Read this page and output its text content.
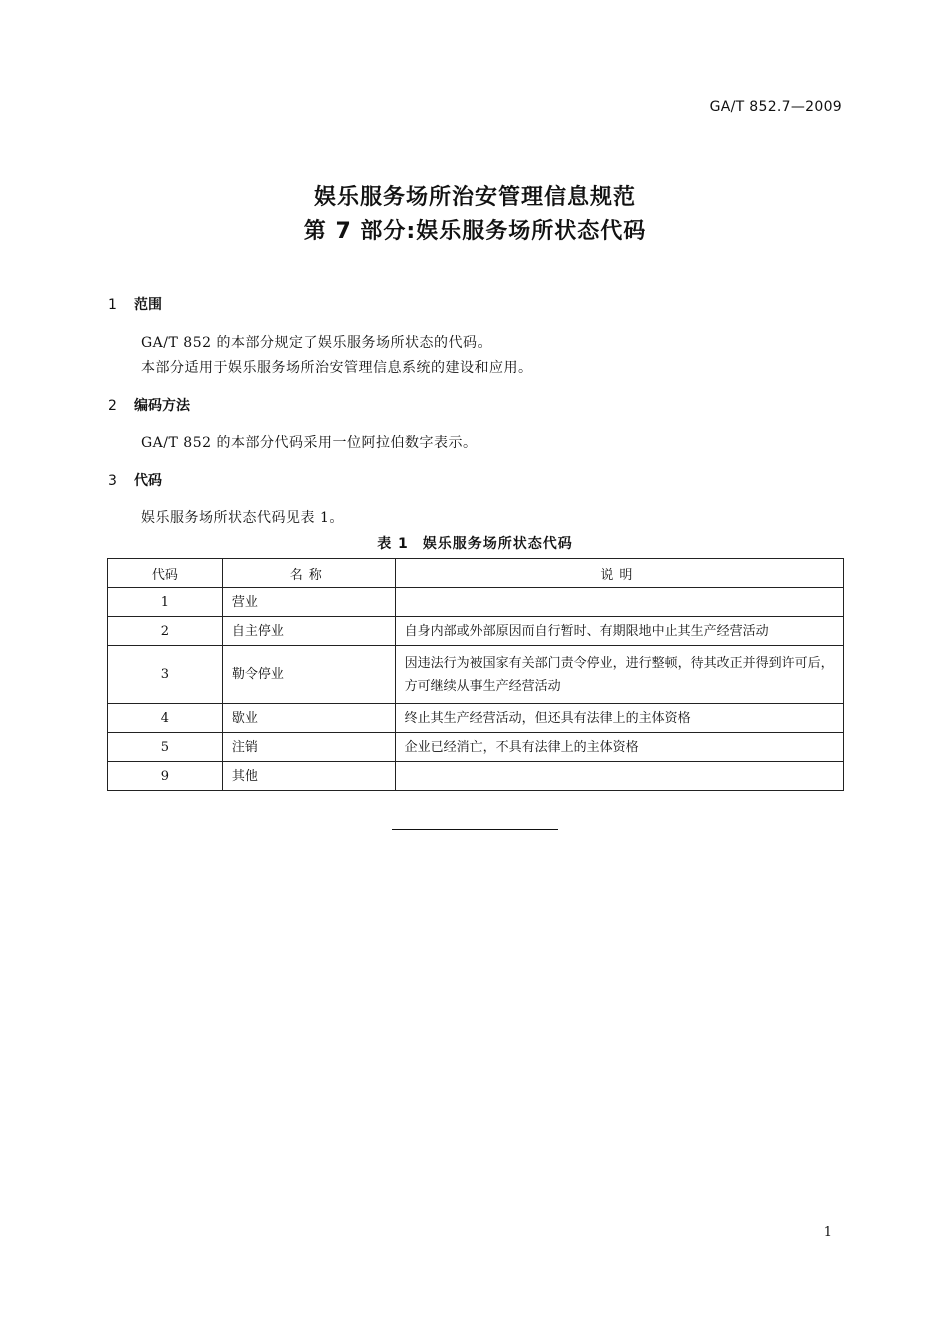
GA/T 852.7—2009
娱乐服务场所治安管理信息规范
第 7 部分:娱乐服务场所状态代码
1 范围
GA/T 852 的本部分规定了娱乐服务场所状态的代码。
本部分适用于娱乐服务场所治安管理信息系统的建设和应用。
2 编码方法
GA/T 852 的本部分代码采用一位阿拉伯数字表示。
3 代码
娱乐服务场所状态代码见表 1。
表 1 娱乐服务场所状态代码
代码	名称	说明
1	营业	
2	自主停业	自身内部或外部原因而自行暂时、有期限地中止其生产经营活动
3	勒令停业	因违法行为被国家有关部门责令停业，进行整顿，待其改正并得到许可后，方可继续从事生产经营活动
4	歇业	终止其生产经营活动，但还具有法律上的主体资格
5	注销	企业已经消亡，不具有法律上的主体资格
9	其他	
1
